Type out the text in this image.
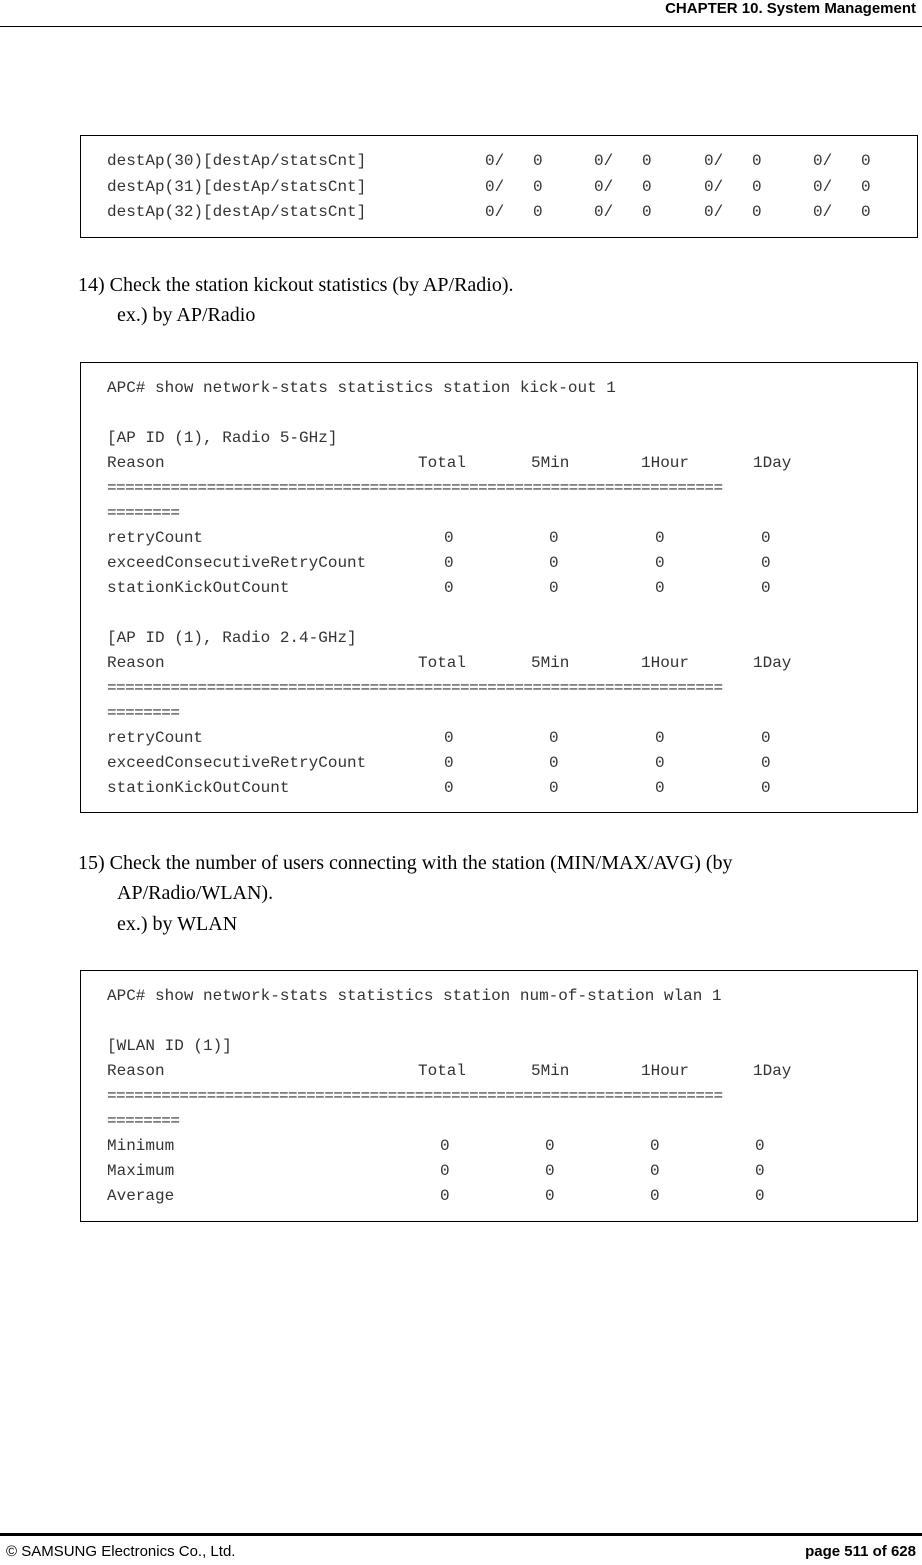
CHAPTER 10. System Management
destAp(30)[destAp/statsCnt]	0/   0	0/   0	0/   0	0/   0
destAp(31)[destAp/statsCnt]	0/   0	0/   0	0/   0	0/   0
destAp(32)[destAp/statsCnt]	0/   0	0/   0	0/   0	0/   0
14) Check the station kickout statistics (by AP/Radio).
ex.) by AP/Radio
APC# show network-stats statistics station kick-out 1
[AP ID (1), Radio 5-GHz]
Reason	Total	5Min	1Hour	1Day
====================================================================
========
retryCount	0	0	0	0
exceedConsecutiveRetryCount	0	0	0	0
stationKickOutCount	0	0	0	0
[AP ID (1), Radio 2.4-GHz]
Reason	Total	5Min	1Hour	1Day
====================================================================
========
retryCount	0	0	0	0
exceedConsecutiveRetryCount	0	0	0	0
stationKickOutCount	0	0	0	0
15) Check the number of users connecting with the station (MIN/MAX/AVG) (by
AP/Radio/WLAN).
ex.) by WLAN
APC# show network-stats statistics station num-of-station wlan 1
[WLAN ID (1)]
Reason	Total	5Min	1Hour	1Day
====================================================================
========
Minimum	0	0	0	0
Maximum	0	0	0	0
Average	0	0	0	0
© SAMSUNG Electronics Co., Ltd.	page 511 of 628
